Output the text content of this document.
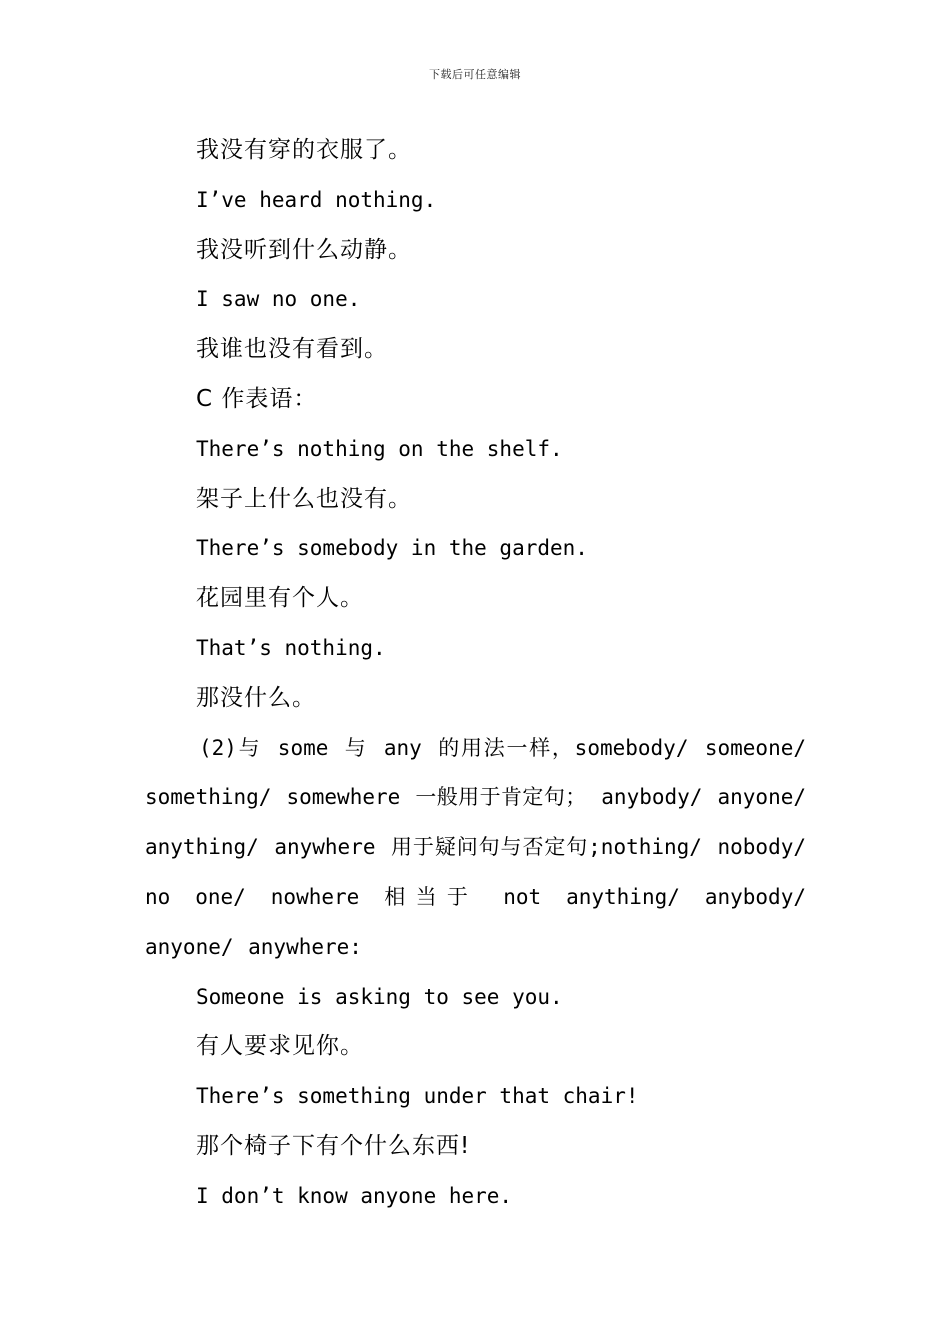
下载后可任意编辑
我没有穿的衣服了。
I’ve heard nothing.
我没听到什么动静。
I saw no one.
我谁也没有看到。
C 作表语：
There’s nothing on the shelf.
架子上什么也没有。
There’s somebody in the garden.
花园里有个人。
That’s nothing.
那没什么。
(2)与 some 与 any 的用法一样，somebody/ someone/ something/ somewhere 一般用于肯定句； anybody/ anyone/ anything/ anywhere 用于疑问句与否定句;nothing/ nobody/ no one/ nowhere 相当于 not anything/ anybody/ anyone/ anywhere:
Someone is asking to see you.
有人要求见你。
There’s something under that chair!
那个椅子下有个什么东西!
I don’t know anyone here.
